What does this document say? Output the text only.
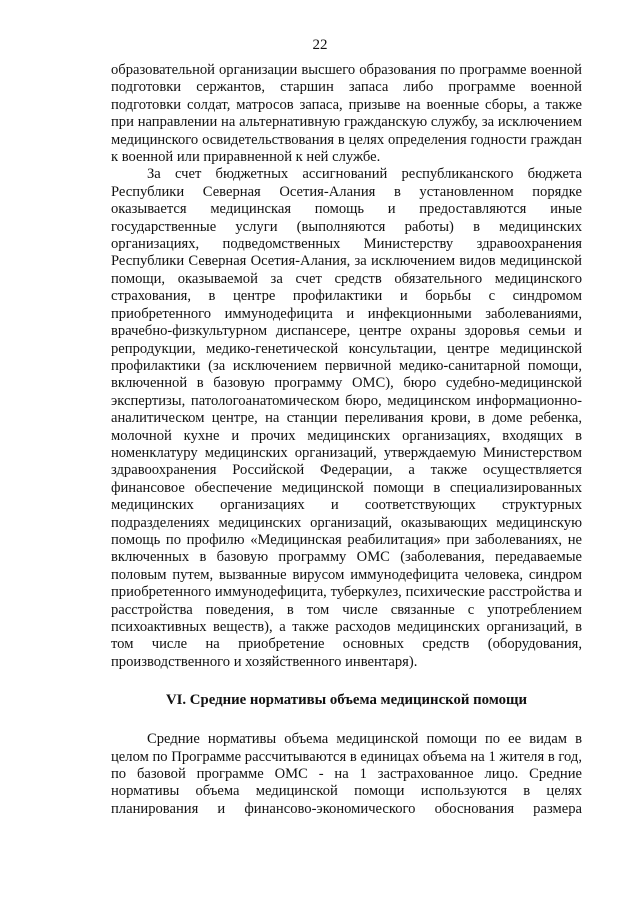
22

образовательной организации высшего образования по программе военной подготовки сержантов, старшин запаса либо программе военной подготовки солдат, матросов запаса, призыве на военные сборы, а также при направлении на альтернативную гражданскую службу, за исключением медицинского освидетельствования в целях определения годности граждан к военной или приравненной к ней службе.

За счет бюджетных ассигнований республиканского бюджета Республики Северная Осетия-Алания в установленном порядке оказывается медицинская помощь и предоставляются иные государственные услуги (выполняются работы) в медицинских организациях, подведомственных Министерству здравоохранения Республики Северная Осетия-Алания, за исключением видов медицинской помощи, оказываемой за счет средств обязательного медицинского страхования, в центре профилактики и борьбы с синдромом приобретенного иммунодефицита и инфекционными заболеваниями, врачебно-физкультурном диспансере, центре охраны здоровья семьи и репродукции, медико-генетической консультации, центре медицинской профилактики (за исключением первичной медико-санитарной помощи, включенной в базовую программу ОМС), бюро судебно-медицинской экспертизы, патологоанатомическом бюро, медицинском информационно-аналитическом центре, на станции переливания крови, в доме ребенка, молочной кухне и прочих медицинских организациях, входящих в номенклатуру медицинских организаций, утверждаемую Министерством здравоохранения Российской Федерации, а также осуществляется финансовое обеспечение медицинской помощи в специализированных медицинских организациях и соответствующих структурных подразделениях медицинских организаций, оказывающих медицинскую помощь по профилю «Медицинская реабилитация» при заболеваниях, не включенных в базовую программу ОМС (заболевания, передаваемые половым путем, вызванные вирусом иммунодефицита человека, синдром приобретенного иммунодефицита, туберкулез, психические расстройства и расстройства поведения, в том числе связанные с употреблением психоактивных веществ), а также расходов медицинских организаций, в том числе на приобретение основных средств (оборудования, производственного и хозяйственного инвентаря).

VI. Средние нормативы объема медицинской помощи

Средние нормативы объема медицинской помощи по ее видам в целом по Программе рассчитываются в единицах объема на 1 жителя в год, по базовой программе ОМС - на 1 застрахованное лицо. Средние нормативы объема медицинской помощи используются в целях планирования и финансово-экономического обоснования размера
